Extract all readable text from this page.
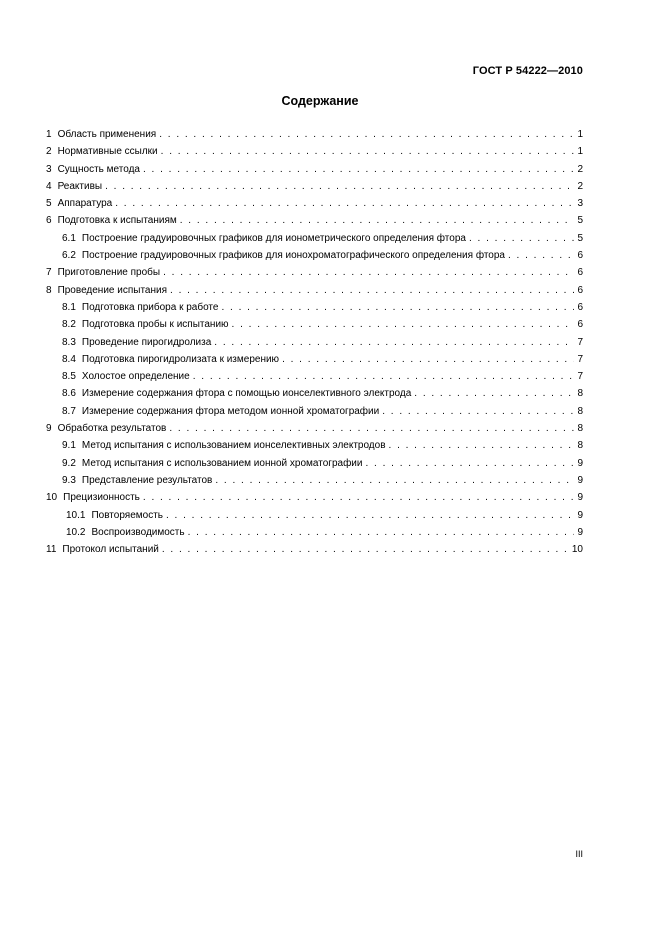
ГОСТ Р 54222—2010
Содержание
1 Область применения . . .	1
2 Нормативные ссылки . . .	1
3 Сущность метода . . .	2
4 Реактивы . . .	2
5 Аппаратура . . .	3
6 Подготовка к испытаниям . . .	5
6.1 Построение градуировочных графиков для ионометрического определения фтора . . .	5
6.2 Построение градуировочных графиков для ионохроматографического определения фтора . . .	6
7 Приготовление пробы . . .	6
8 Проведение испытания . . .	6
8.1 Подготовка прибора к работе . . .	6
8.2 Подготовка пробы к испытанию . . .	6
8.3 Проведение пирогидролиза . . .	7
8.4 Подготовка пирогидролизата к измерению . . .	7
8.5 Холостое определение . . .	7
8.6 Измерение содержания фтора с помощью ионселективного электрода . . .	8
8.7 Измерение содержания фтора методом ионной хроматографии . . .	8
9 Обработка результатов . . .	8
9.1 Метод испытания с использованием ионселективных электродов . . .	8
9.2 Метод испытания с использованием ионной хроматографии . . .	9
9.3 Представление результатов . . .	9
10 Прецизионность . . .	9
10.1 Повторяемость . . .	9
10.2 Воспроизводимость . . .	9
11 Протокол испытаний . . .	10
III
